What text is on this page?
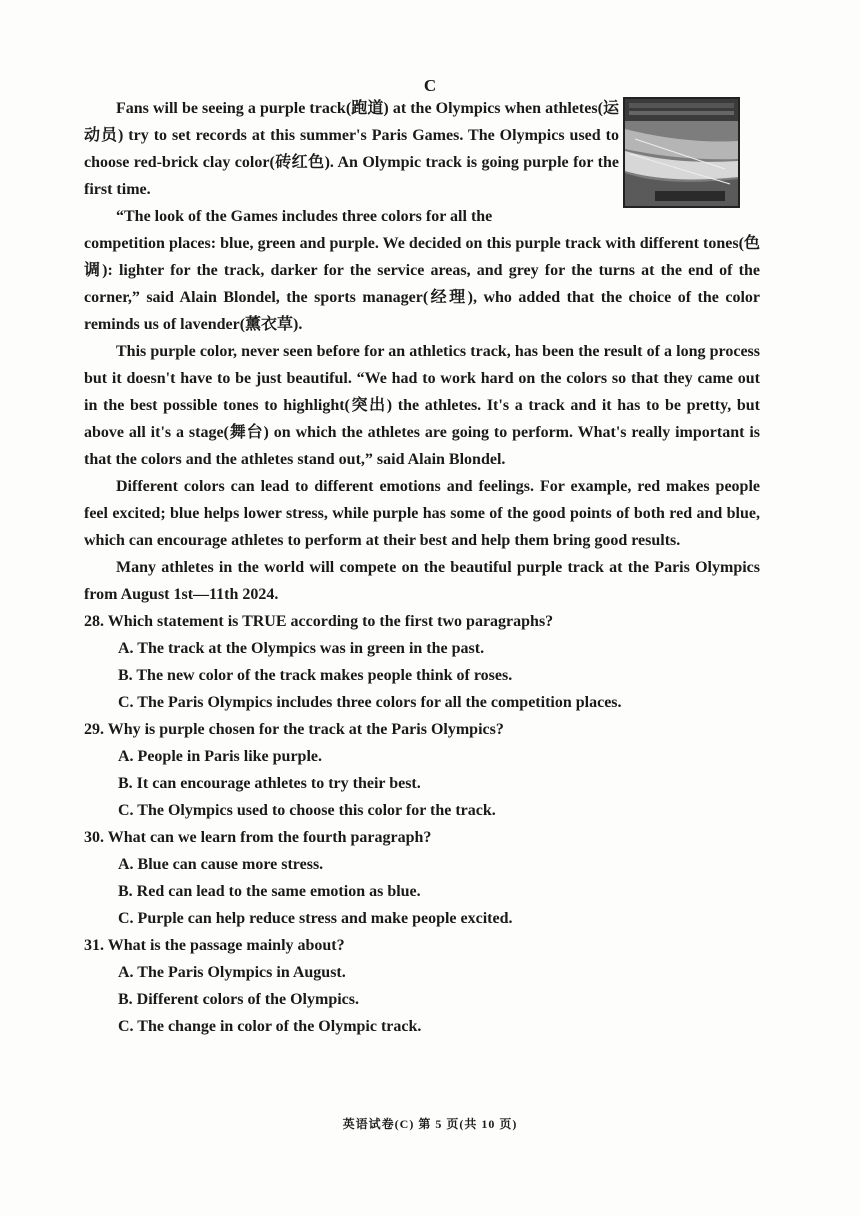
C

Fans will be seeing a purple track(跑道) at the Olympics when athletes(运动员) try to set records at this summer's Paris Games. The Olympics used to choose red-brick clay color(砖红色). An Olympic track is going purple for the first time.

“The look of the Games includes three colors for all the

competition places: blue, green and purple. We decided on this purple track with different tones(色调): lighter for the track, darker for the service areas, and grey for the turns at the end of the corner,” said Alain Blondel, the sports manager(经理), who added that the choice of the color reminds us of lavender(薰衣草).

This purple color, never seen before for an athletics track, has been the result of a long process but it doesn't have to be just beautiful. “We had to work hard on the colors so that they came out in the best possible tones to highlight(突出) the athletes. It's a track and it has to be pretty, but above all it's a stage(舞台) on which the athletes are going to perform. What's really important is that the colors and the athletes stand out,” said Alain Blondel.

Different colors can lead to different emotions and feelings. For example, red makes people feel excited; blue helps lower stress, while purple has some of the good points of both red and blue, which can encourage athletes to perform at their best and help them bring good results.

Many athletes in the world will compete on the beautiful purple track at the Paris Olympics from August 1st—11th 2024.

28. Which statement is TRUE according to the first two paragraphs?

A. The track at the Olympics was in green in the past.

B. The new color of the track makes people think of roses.

C. The Paris Olympics includes three colors for all the competition places.

29. Why is purple chosen for the track at the Paris Olympics?

A. People in Paris like purple.

B. It can encourage athletes to try their best.

C. The Olympics used to choose this color for the track.

30. What can we learn from the fourth paragraph?

A. Blue can cause more stress.

B. Red can lead to the same emotion as blue.

C. Purple can help reduce stress and make people excited.

31. What is the passage mainly about?

A. The Paris Olympics in August.

B. Different colors of the Olympics.

C. The change in color of the Olympic track.

英语试卷(C) 第 5 页(共 10 页)
